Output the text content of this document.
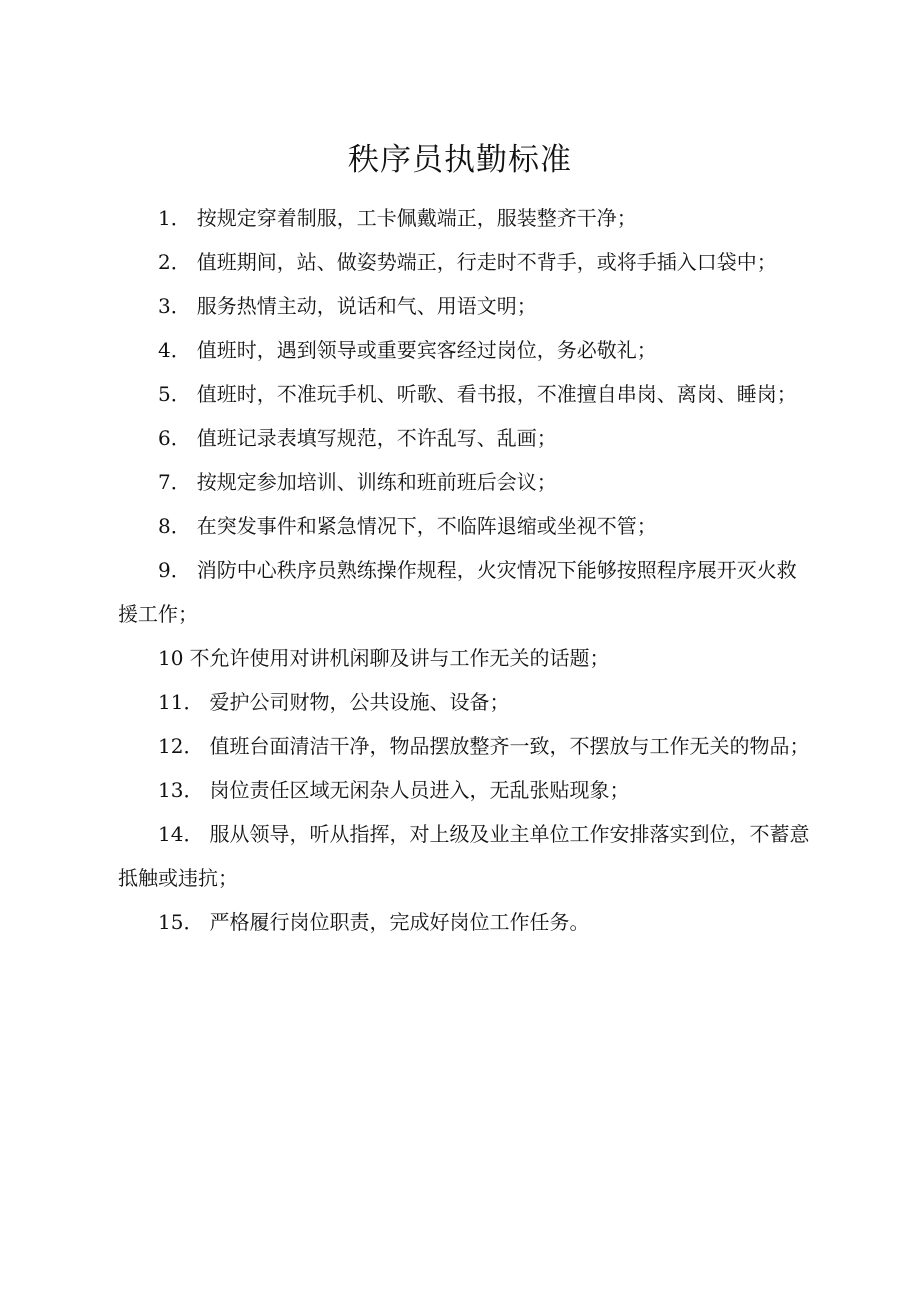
秩序员执勤标准

1． 按规定穿着制服，工卡佩戴端正，服装整齐干净；

2． 值班期间，站、做姿势端正，行走时不背手，或将手插入口袋中；

3． 服务热情主动，说话和气、用语文明；

4． 值班时，遇到领导或重要宾客经过岗位，务必敬礼；

5． 值班时，不准玩手机、听歌、看书报，不准擅自串岗、离岗、睡岗；

6． 值班记录表填写规范，不许乱写、乱画；

7． 按规定参加培训、训练和班前班后会议；

8． 在突发事件和紧急情况下，不临阵退缩或坐视不管；

9． 消防中心秩序员熟练操作规程，火灾情况下能够按照程序展开灭火救援工作；

10 不允许使用对讲机闲聊及讲与工作无关的话题；

11． 爱护公司财物，公共设施、设备；

12． 值班台面清洁干净，物品摆放整齐一致，不摆放与工作无关的物品；

13． 岗位责任区域无闲杂人员进入，无乱张贴现象；

14． 服从领导，听从指挥，对上级及业主单位工作安排落实到位，不蓄意抵触或违抗；

15． 严格履行岗位职责，完成好岗位工作任务。
